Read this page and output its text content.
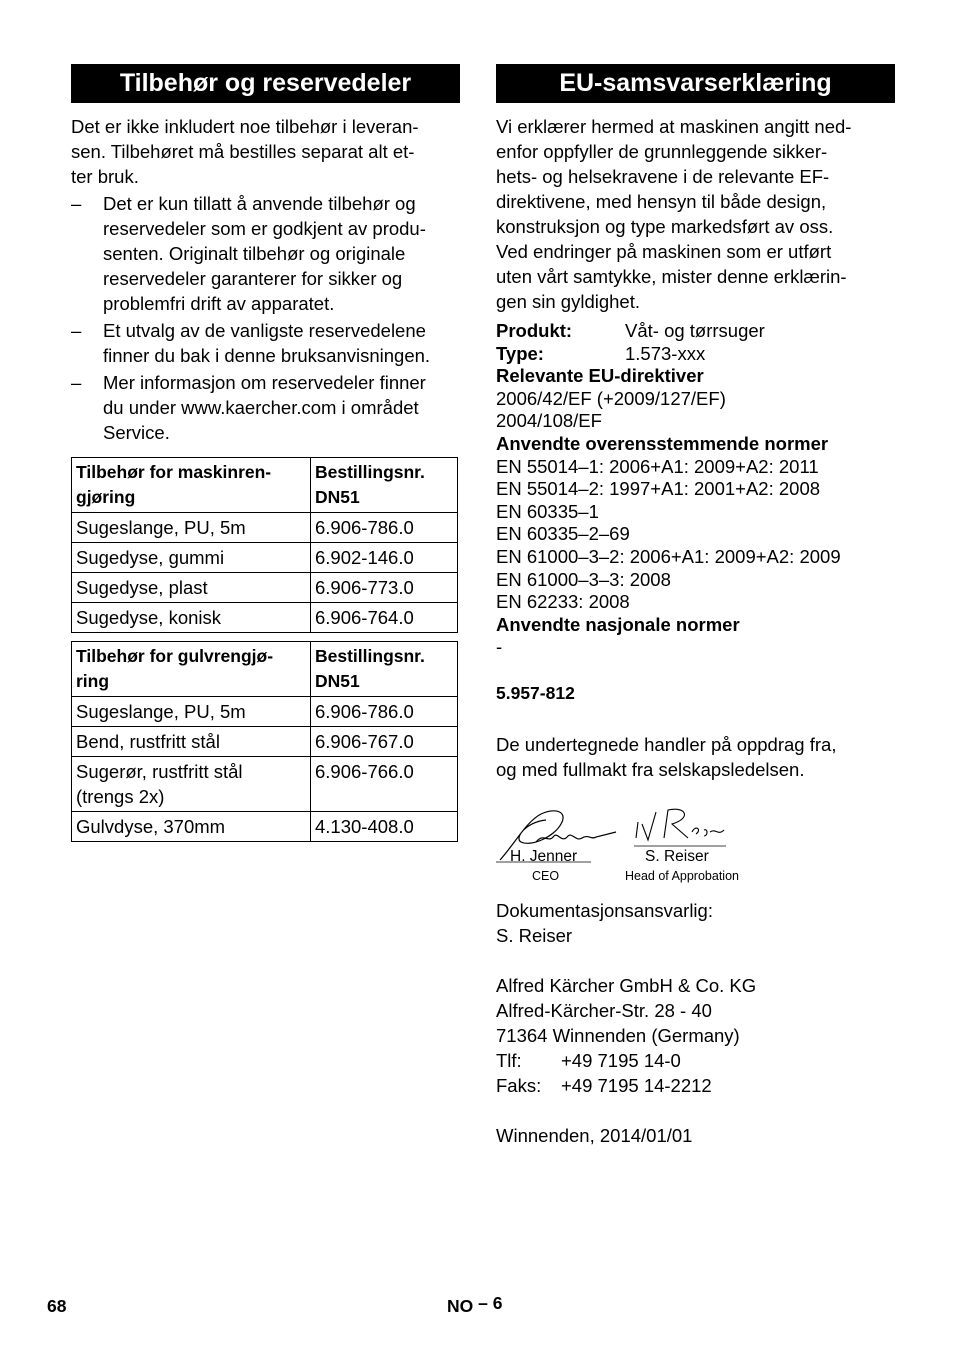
Tilbehør og reservedeler

Det er ikke inkludert noe tilbehør i leveran-
sen. Tilbehøret må bestilles separat alt et-
ter bruk.

– Det er kun tillatt å anvende tilbehør og
reservedeler som er godkjent av produ-
senten. Originalt tilbehør og originale
reservedeler garanterer for sikker og
problemfri drift av apparatet.
– Et utvalg av de vanligste reservedelene
finner du bak i denne bruksanvisningen.
– Mer informasjon om reservedeler finner
du under www.kaercher.com i området
Service.
Tilbehør for maskinren-
gjøring	Bestillingsnr.
DN51
Sugeslange, PU, 5m	6.906-786.0
Sugedyse, gummi	6.902-146.0
Sugedyse, plast	6.906-773.0
Sugedyse, konisk	6.906-764.0
Tilbehør for gulvrengjø-
ring	Bestillingsnr.
DN51
Sugeslange, PU, 5m	6.906-786.0
Bend, rustfritt stål	6.906-767.0
Sugerør, rustfritt stål
(trengs 2x)	6.906-766.0
Gulvdyse, 370mm	4.130-408.0
EU-samsvarserklæring

Vi erklærer hermed at maskinen angitt ned-
enfor oppfyller de grunnleggende sikker-
hets- og helsekravene i de relevante EF-
direktivene, med hensyn til både design,
konstruksjon og type markedsført av oss.
Ved endringer på maskinen som er utført
uten vårt samtykke, mister denne erklærin-
gen sin gyldighet.

Produkt:	Våt- og tørrsuger
Type:	1.573-xxx
Relevante EU-direktiver
2006/42/EF (+2009/127/EF)
2004/108/EF
Anvendte overensstemmende normer
EN 55014–1: 2006+A1: 2009+A2: 2011
EN 55014–2: 1997+A1: 2001+A2: 2008
EN 60335–1
EN 60335–2–69
EN 61000–3–2: 2006+A1: 2009+A2: 2009
EN 61000–3–3: 2008
EN 62233: 2008
Anvendte nasjonale normer
-
5.957-812

De undertegnede handler på oppdrag fra,
og med fullmakt fra selskapsledelsen.

H. Jenner
CEO
S. Reiser
Head of Approbation

Dokumentasjonsansvarlig:
S. Reiser

Alfred Kärcher GmbH & Co. KG
Alfred-Kärcher-Str. 28 - 40
71364 Winnenden (Germany)
Tlf:	+49 7195 14-0
Faks:	+49 7195 14-2212

Winnenden, 2014/01/01

68	NO – 6
